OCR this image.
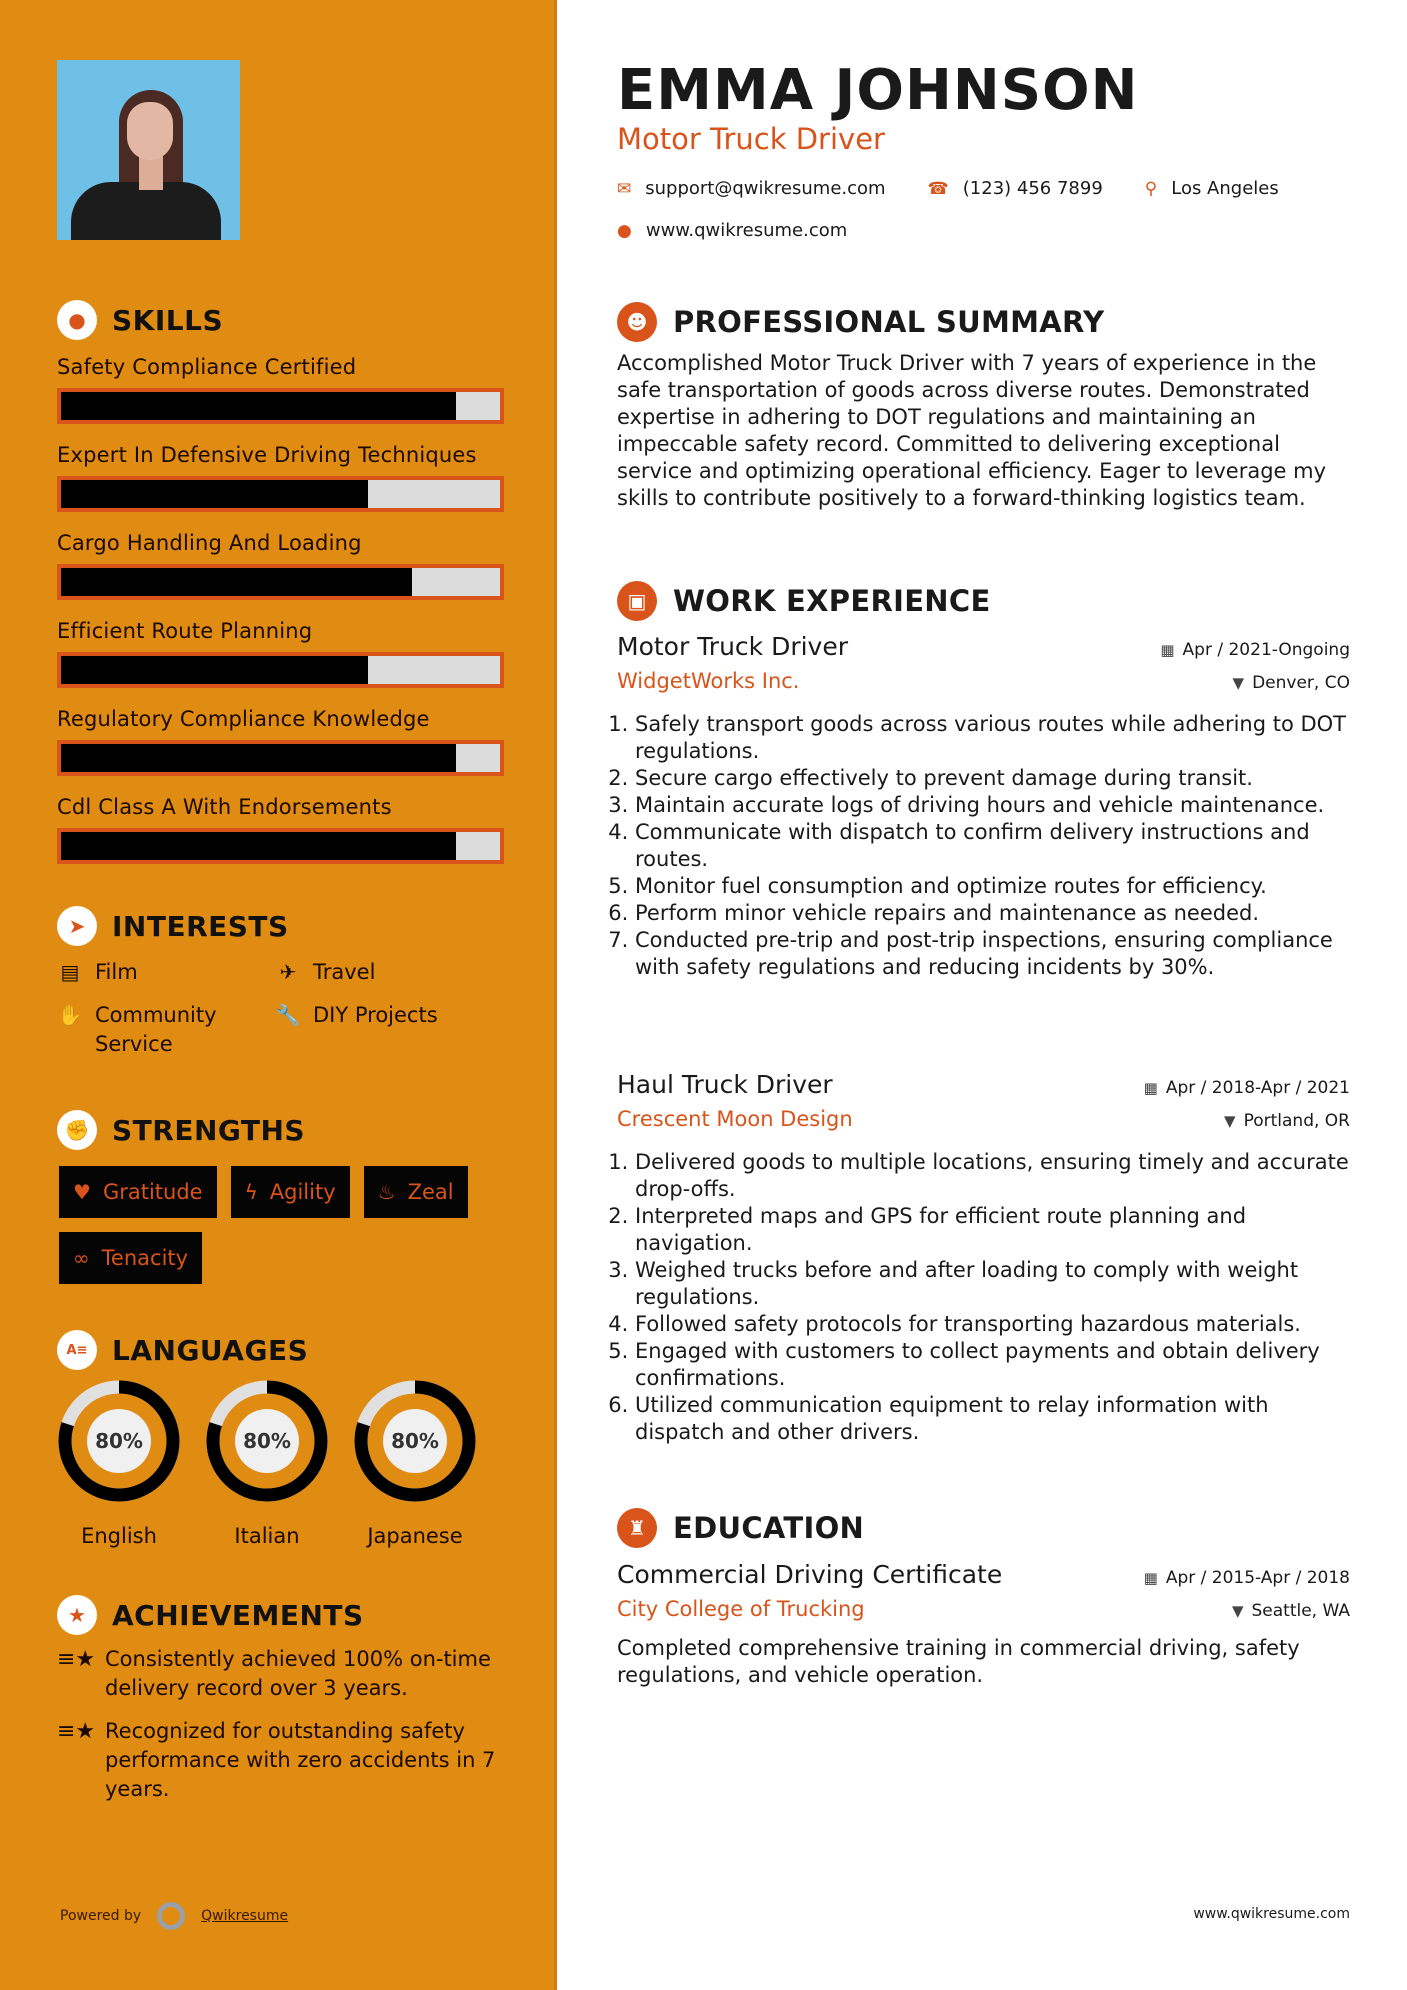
● SKILLS
Safety Compliance Certified
Expert In Defensive Driving Techniques
Cargo Handling And Loading
Efficient Route Planning
Regulatory Compliance Knowledge
Cdl Class A With Endorsements
➤ INTERESTS
▤ Film	✈ Travel
✋ Community Service
🔧 DIY Projects
✊ STRENGTHS
♥ Gratitude ϟ Agility ♨ Zeal
∞ Tenacity
A≡ LANGUAGES
80%
English
80%
Italian
80%
Japanese
★ ACHIEVEMENTS
≡★ Consistently achieved 100% on-time delivery record over 3 years.
≡★ Recognized for outstanding safety performance with zero accidents in 7 years.
Powered by	Qwikresume
EMMA JOHNSON
Motor Truck Driver
✉ support@qwikresume.com ☎ (123) 456 7899 ⚲ Los Angeles
● www.qwikresume.com
☻ PROFESSIONAL SUMMARY
Accomplished Motor Truck Driver with 7 years of experience in the safe transportation of goods across diverse routes. Demonstrated expertise in adhering to DOT regulations and maintaining an impeccable safety record. Committed to delivering exceptional service and optimizing operational efficiency. Eager to leverage my skills to contribute positively to a forward-thinking logistics team.
▣ WORK EXPERIENCE
Motor Truck Driver	▦ Apr / 2021-Ongoing
WidgetWorks Inc.	▼ Denver, CO
1. Safely transport goods across various routes while adhering to DOT regulations.
2. Secure cargo effectively to prevent damage during transit.
3. Maintain accurate logs of driving hours and vehicle maintenance.
4. Communicate with dispatch to confirm delivery instructions and routes.
5. Monitor fuel consumption and optimize routes for efficiency.
6. Perform minor vehicle repairs and maintenance as needed.
7. Conducted pre-trip and post-trip inspections, ensuring compliance with safety regulations and reducing incidents by 30%.
Haul Truck Driver	▦ Apr / 2018-Apr / 2021
Crescent Moon Design	▼ Portland, OR
1. Delivered goods to multiple locations, ensuring timely and accurate drop-offs.
2. Interpreted maps and GPS for efficient route planning and navigation.
3. Weighed trucks before and after loading to comply with weight regulations.
4. Followed safety protocols for transporting hazardous materials.
5. Engaged with customers to collect payments and obtain delivery confirmations.
6. Utilized communication equipment to relay information with dispatch and other drivers.
♜ EDUCATION
Commercial Driving Certificate	▦ Apr / 2015-Apr / 2018
City College of Trucking	▼ Seattle, WA
Completed comprehensive training in commercial driving, safety regulations, and vehicle operation.
www.qwikresume.com
